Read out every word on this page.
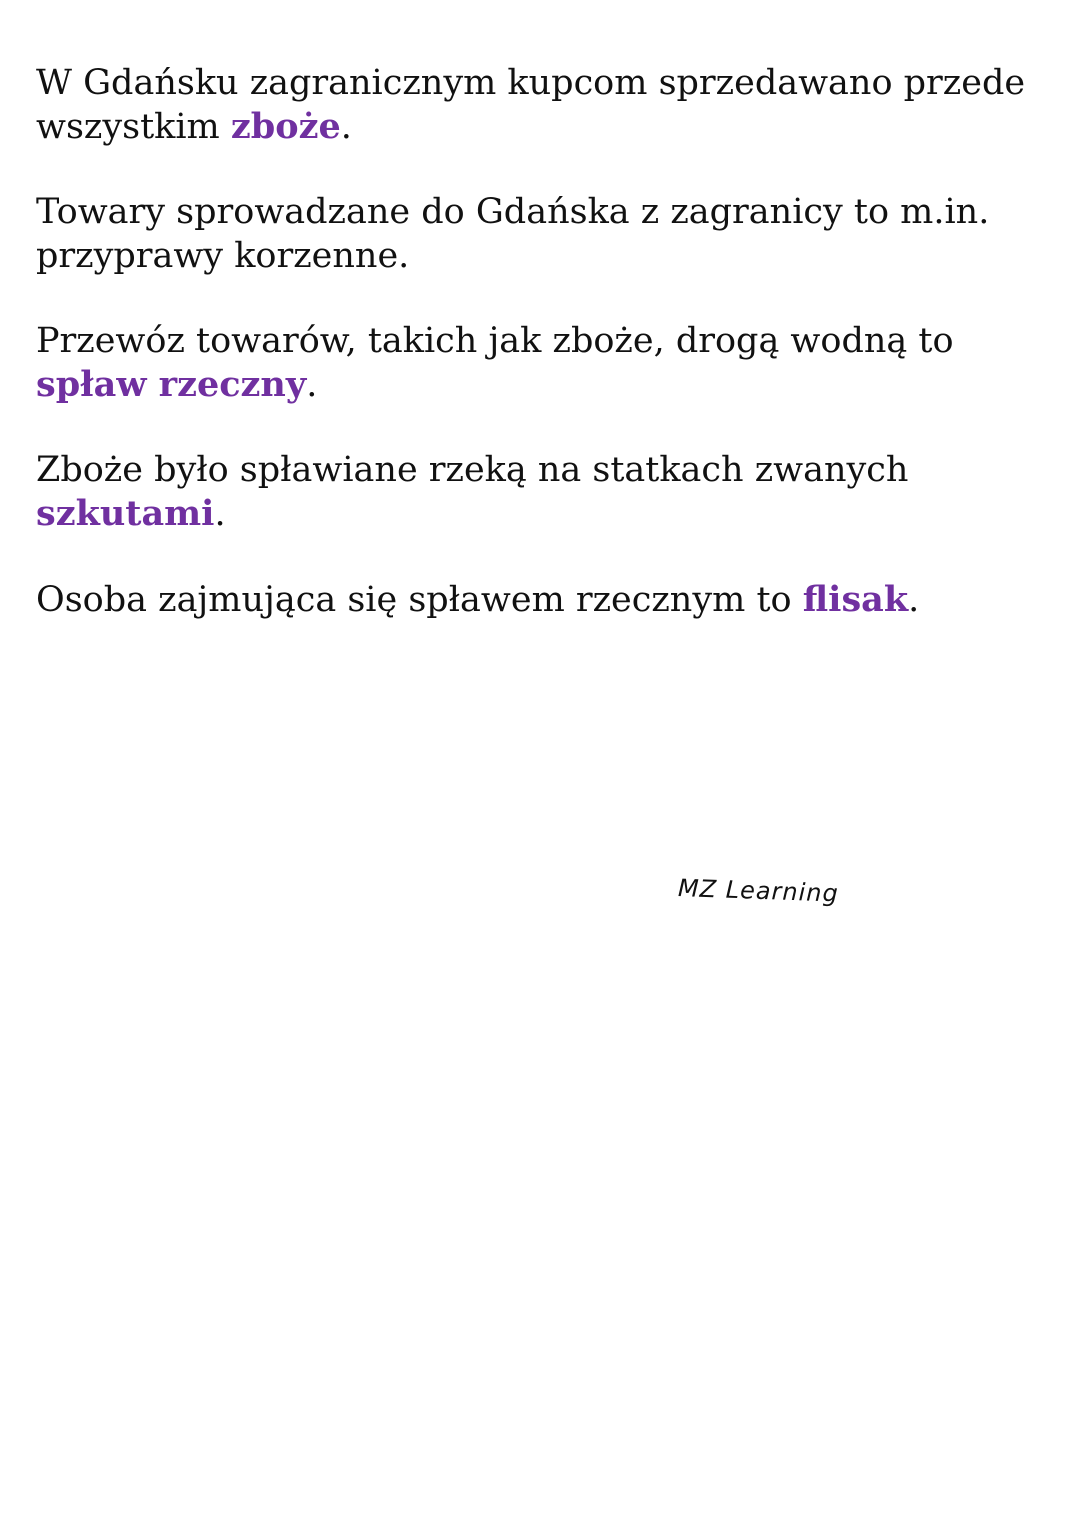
W Gdańsku zagranicznym kupcom sprzedawano przede wszystkim zboże.

Towary sprowadzane do Gdańska z zagranicy to m.in. przyprawy korzenne.

Przewóz towarów, takich jak zboże, drogą wodną to spław rzeczny.

Zboże było spławiane rzeką na statkach zwanych szkutami.

Osoba zajmująca się spławem rzecznym to flisak.

MZ Learning
